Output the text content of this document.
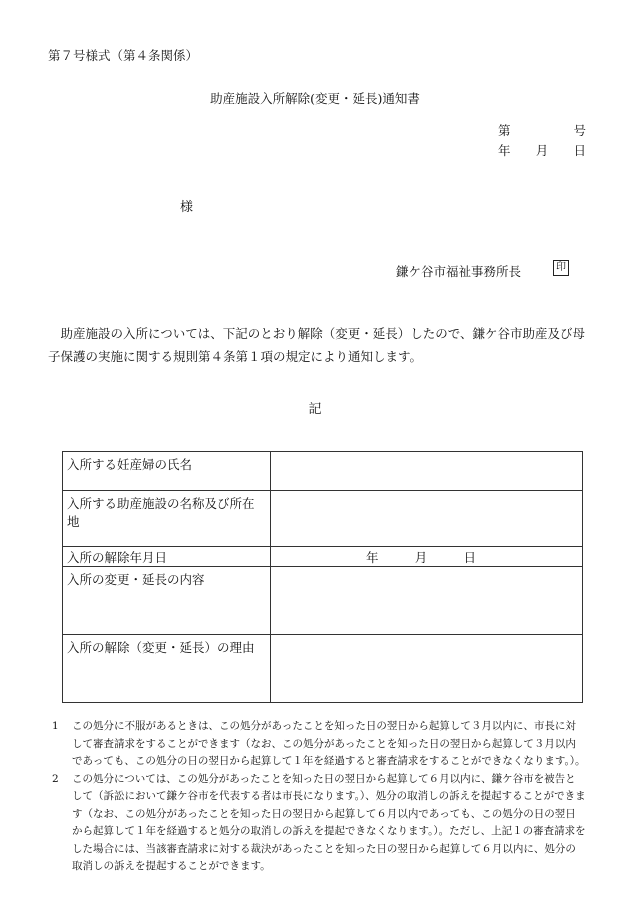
第７号様式（第４条関係）
助産施設入所解除(変更・延長)通知書
第	号
年 月 日
様
鎌ケ谷市福祉事務所長	印
助産施設の入所については、下記のとおり解除（変更・延長）したので、鎌ケ谷市助産及び母子保護の実施に関する規則第４条第１項の規定により通知します。
記
入所する妊産婦の氏名	
入所する助産施設の名称及び所在地	
入所の解除年月日	年 月 日

入所の変更・延長の内容	
入所の解除（変更・延長）の理由	
1	この処分に不服があるときは、この処分があったことを知った日の翌日から起算して３月以内に、市長に対して審査請求をすることができます（なお、この処分があったことを知った日の翌日から起算して３月以内であっても、この処分の日の翌日から起算して１年を経過すると審査請求をすることができなくなります。）。
2	この処分については、この処分があったことを知った日の翌日から起算して６月以内に、鎌ケ谷市を被告として（訴訟において鎌ケ谷市を代表する者は市長になります。）、処分の取消しの訴えを提起することができます（なお、この処分があったことを知った日の翌日から起算して６月以内であっても、この処分の日の翌日から起算して１年を経過すると処分の取消しの訴えを提起できなくなります。）。ただし、上記１の審査請求をした場合には、当該審査請求に対する裁決があったことを知った日の翌日から起算して６月以内に、処分の取消しの訴えを提起することができます。
